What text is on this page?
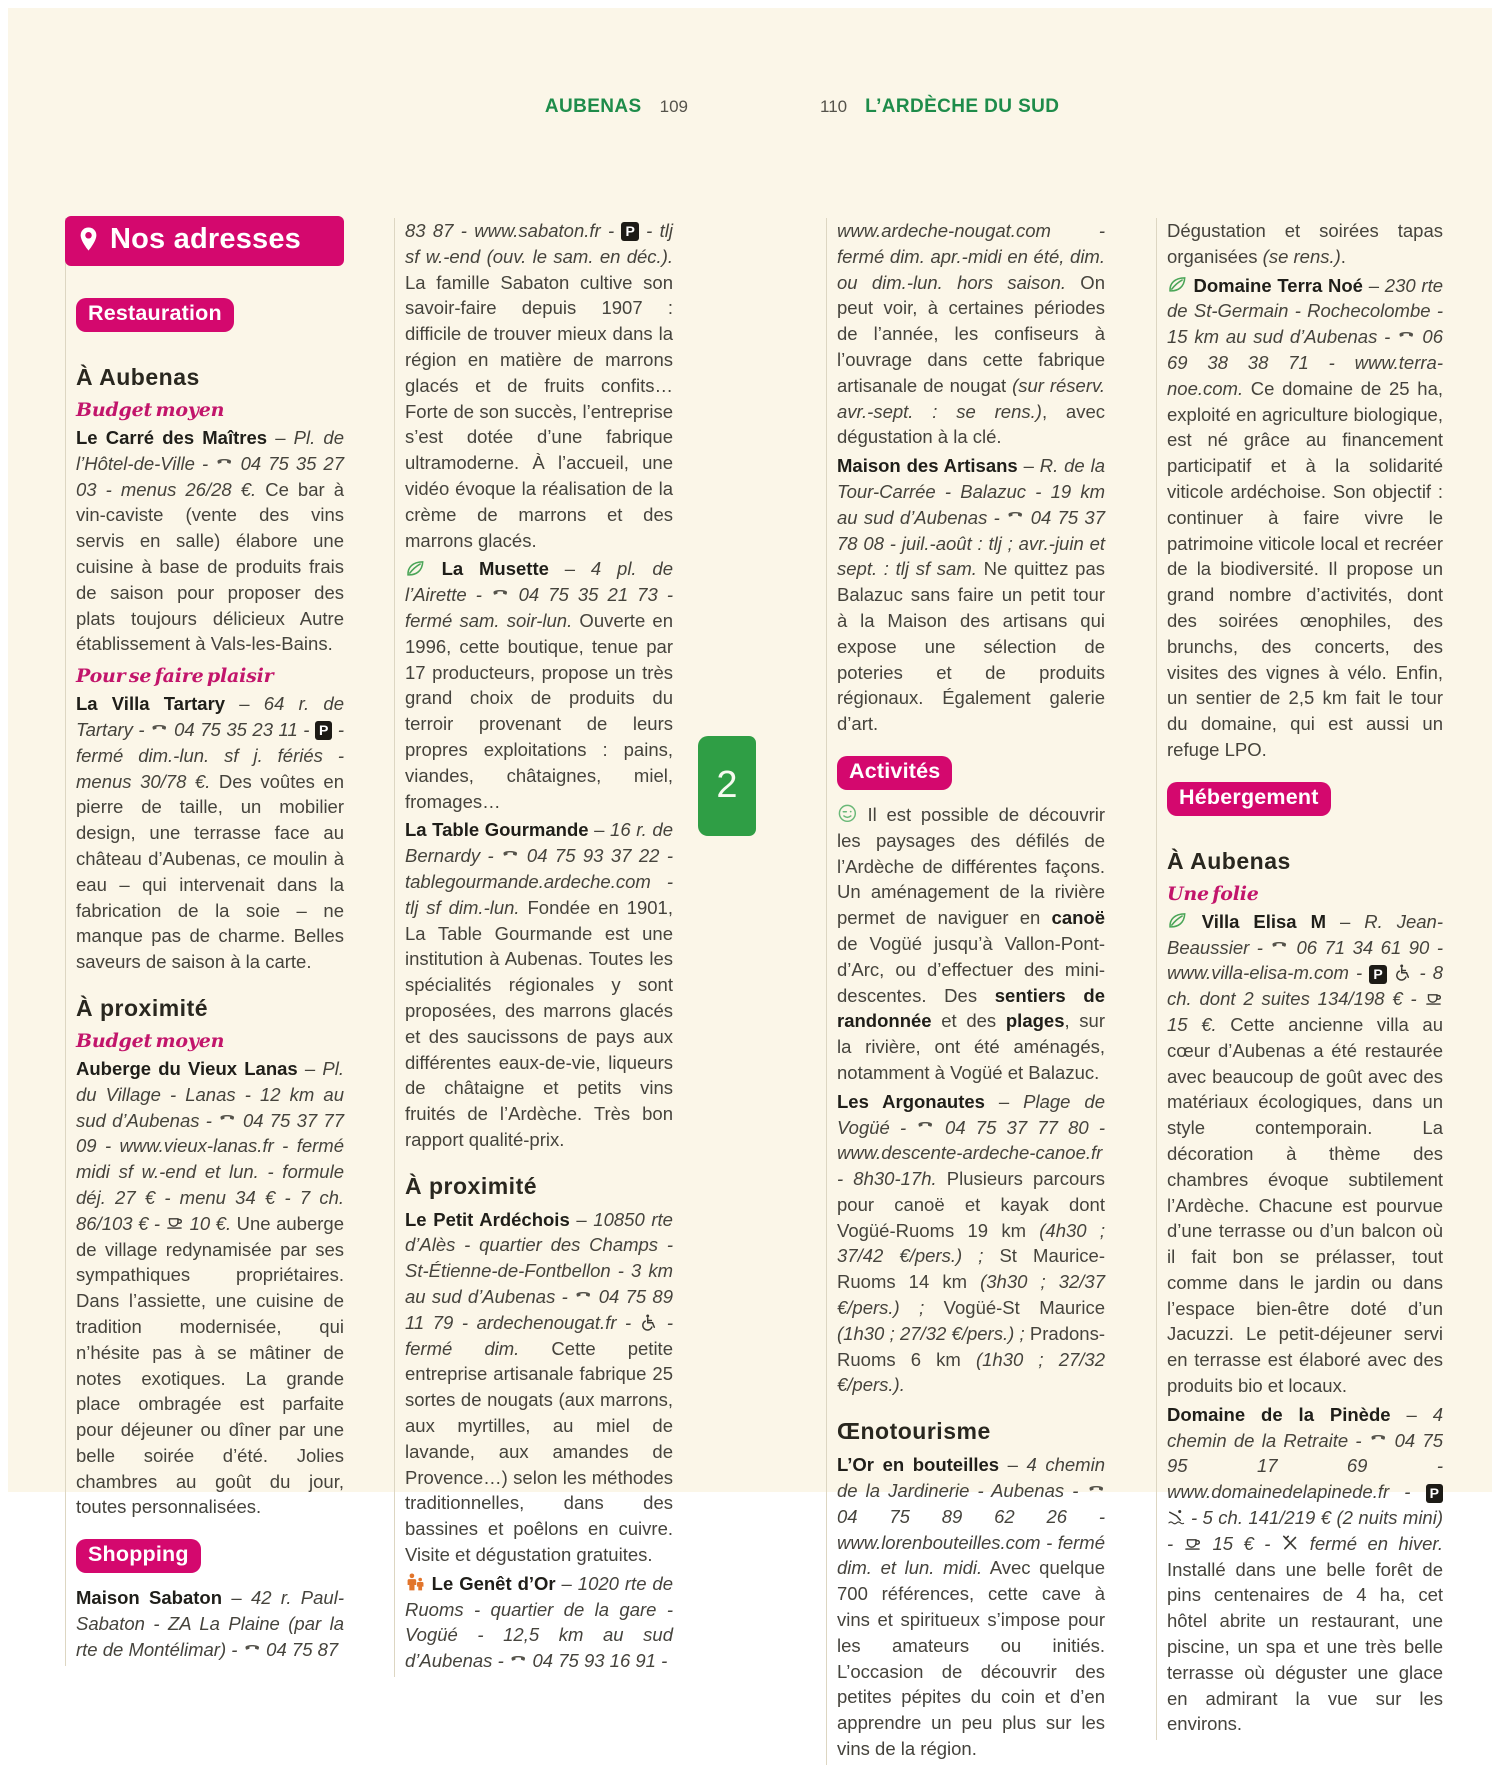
AUBENAS 109	110 L’ARDÈCHE DU SUD
2
Nos adresses
Restauration
À Aubenas
Budget moyen

Le Carré des Maîtres – Pl. de l’Hôtel-de-Ville -
04 75 35 27 03 - menus 26/28 €. Ce bar à vin-caviste (vente des vins servis en salle) élabore une cuisine à base de produits frais de saison pour proposer des plats toujours délicieux Autre établissement à Vals-les-Bains.

Pour se faire plaisir

La Villa Tartary – 64 r. de Tartary -
04 75 35 23 11 - P - fermé dim.-lun. sf j. fériés - menus 30/78 €. Des voûtes en pierre de taille, un mobilier design, une terrasse face au château d’Aubenas, ce moulin à eau – qui intervenait dans la fabrication de la soie – ne manque pas de charme. Belles saveurs de saison à la carte.

À proximité
Budget moyen

Auberge du Vieux Lanas – Pl. du Village - Lanas - 12 km au sud d’Aubenas -
04 75 37 77 09 - www.vieux-lanas.fr - fermé midi sf w.-end et lun. - formule déj. 27 € - menu 34 € - 7 ch. 86/103 € -
10 €. Une auberge de village redynamisée par ses sympathiques propriétaires. Dans l’assiette, une cuisine de tradition modernisée, qui n’hésite pas à se mâtiner de notes exotiques. La grande place ombragée est parfaite pour déjeuner ou dîner par une belle soirée d’été. Jolies chambres au goût du jour, toutes personnalisées.

Shopping

Maison Sabaton – 42 r. Paul-Sabaton - ZA La Plaine (par la rte de Montélimar) -
04 75 87

83 87 - www.sabaton.fr - P - tlj sf w.-end (ouv. le sam. en déc.). La famille Sabaton cultive son savoir-faire depuis 1907 : difficile de trouver mieux dans la région en matière de marrons glacés et de fruits confits… Forte de son succès, l’entreprise s’est dotée d’une fabrique ultramoderne. À l’accueil, une vidéo évoque la réalisation de la crème de marrons et des marrons glacés.

La Musette – 4 pl. de l’Airette -
04 75 35 21 73 - fermé sam. soir-lun. Ouverte en 1996, cette boutique, tenue par 17 producteurs, propose un très grand choix de produits du terroir provenant de leurs propres exploitations : pains, viandes, châtaignes, miel, fromages…

La Table Gourmande – 16 r. de Bernardy -
04 75 93 37 22 - tablegourmande.ardeche.com - tlj sf dim.-lun. Fondée en 1901, La Table Gourmande est une institution à Aubenas. Toutes les spécialités régionales y sont proposées, des marrons glacés et des saucissons de pays aux différentes eaux-de-vie, liqueurs de châtaigne et petits vins fruités de l’Ardèche. Très bon rapport qualité-prix.

À proximité

Le Petit Ardéchois – 10850 rte d’Alès - quartier des Champs - St-Étienne-de-Fontbellon - 3 km au sud d’Aubenas -
04 75 89 11 79 - ardechenougat.fr -
- fermé dim. Cette petite entreprise artisanale fabrique 25 sortes de nougats (aux marrons, aux myrtilles, au miel de lavande, aux amandes de Provence…) selon les méthodes traditionnelles, dans des bassines et poêlons en cuivre. Visite et dégustation gratuites.

Le Genêt d’Or – 1020 rte de Ruoms - quartier de la gare - Vogüé - 12,5 km au sud d’Aubenas -
04 75 93 16 91 -

www.ardeche-nougat.com - fermé dim. apr.-midi en été, dim. ou dim.-lun. hors saison. On peut voir, à certaines périodes de l’année, les confiseurs à l’ouvrage dans cette fabrique artisanale de nougat (sur réserv. avr.-sept. : se rens.), avec dégustation à la clé.

Maison des Artisans – R. de la Tour-Carrée - Balazuc - 19 km au sud d’Aubenas -
04 75 37 78 08 - juil.-août : tlj ; avr.-juin et sept. : tlj sf sam. Ne quittez pas Balazuc sans faire un petit tour à la Maison des artisans qui expose une sélection de poteries et de produits régionaux. Également galerie d’art.

Activités

Il est possible de découvrir les paysages des défilés de l’Ardèche de différentes façons. Un aménagement de la rivière permet de naviguer en canoë de Vogüé jusqu’à Vallon-Pont-d’Arc, ou d’effectuer des mini-descentes. Des sentiers de randonnée et des plages, sur la rivière, ont été aménagés, notamment à Vogüé et Balazuc.

Les Argonautes – Plage de Vogüé -
04 75 37 77 80 - www.descente-ardeche-canoe.fr - 8h30-17h. Plusieurs parcours pour canoë et kayak dont Vogüé-Ruoms 19 km (4h30 ; 37/42 €/pers.) ; St Maurice-Ruoms 14 km (3h30 ; 32/37 €/pers.) ; Vogüé-St Maurice (1h30 ; 27/32 €/pers.) ; Pradons-Ruoms 6 km (1h30 ; 27/32 €/pers.).

Œnotourisme

L’Or en bouteilles – 4 chemin de la Jardinerie - Aubenas -
04 75 89 62 26 - www.lorenbouteilles.com - fermé dim. et lun. midi. Avec quelque 700 références, cette cave à vins et spiritueux s’impose pour les amateurs ou initiés. L’occasion de découvrir des petites pépites du coin et d’en apprendre un peu plus sur les vins de la région.

Dégustation et soirées tapas organisées (se rens.).

Domaine Terra Noé – 230 rte de St-Germain - Rochecolombe - 15 km au sud d’Aubenas -
06 69 38 38 71 - www.terra-noe.com. Ce domaine de 25 ha, exploité en agriculture biologique, est né grâce au financement participatif et à la solidarité viticole ardéchoise. Son objectif : continuer à faire vivre le patrimoine viticole local et recréer de la biodiversité. Il propose un grand nombre d’activités, dont des soirées œnophiles, des brunchs, des concerts, des visites des vignes à vélo. Enfin, un sentier de 2,5 km fait le tour du domaine, qui est aussi un refuge LPO.

Hébergement
À Aubenas
Une folie

Villa Elisa M – R. Jean-Beaussier -
06 71 34 61 90 - www.villa-elisa-m.com - P
- 8 ch. dont 2 suites 134/198 € -
15 €. Cette ancienne villa au cœur d’Aubenas a été restaurée avec beaucoup de goût avec des matériaux écologiques, dans un style contemporain. La décoration à thème des chambres évoque subtilement l’Ardèche. Chacune est pourvue d’une terrasse ou d’un balcon où il fait bon se prélasser, tout comme dans le jardin ou dans l’espace bien-être doté d’un Jacuzzi. Le petit-déjeuner servi en terrasse est élaboré avec des produits bio et locaux.

Domaine de la Pinède – 4 chemin de la Retraite -
04 75 95 17 69 - www.domainedelapinede.fr - P
- 5 ch. 141/219 € (2 nuits mini) -
15 € -
fermé en hiver. Installé dans une belle forêt de pins centenaires de 4 ha, cet hôtel abrite un restaurant, une piscine, un spa et une très belle terrasse où déguster une glace en admirant la vue sur les environs.
